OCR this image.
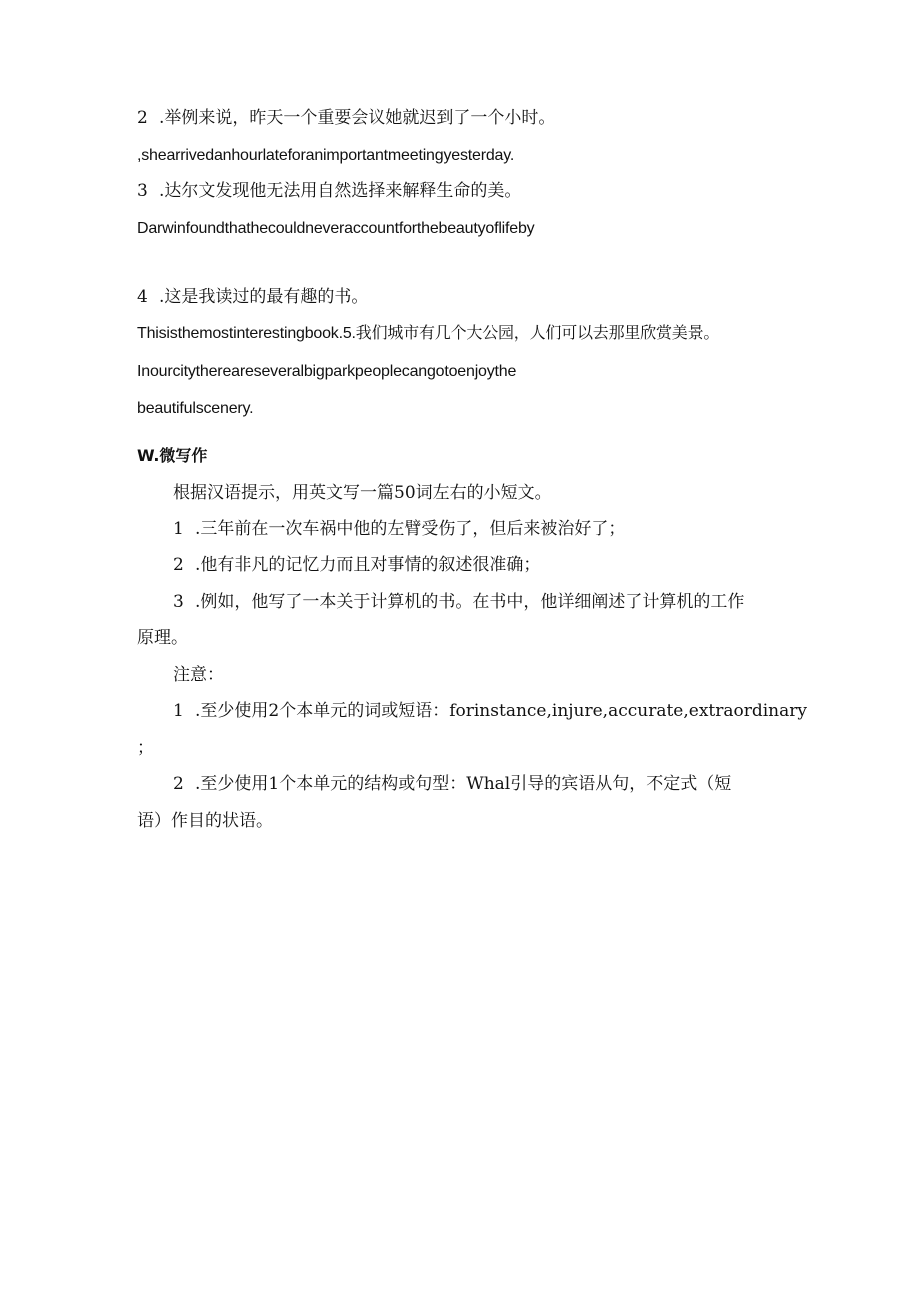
2 .举例来说，昨天一个重要会议她就迟到了一个小时。
,shearrivedanhourlateforanimportantmeetingyesterday.
3 .达尔文发现他无法用自然选择来解释生命的美。
Darwinfoundthathecouldneveraccountforthebeautyoflifeby
4 .这是我读过的最有趣的书。
Thisisthemostinterestingbook.5.我们城市有几个大公园，人们可以去那里欣赏美景。
Inourcitythereareseveralbigparkpeoplecangotoenjoythe
beautifulscenery.
W.微写作
根据汉语提示，用英文写一篇50词左右的小短文。
1 .三年前在一次车祸中他的左臂受伤了，但后来被治好了；
2 .他有非凡的记忆力而且对事情的叙述很准确；
3 .例如，他写了一本关于计算机的书。在书中，他详细阐述了计算机的工作
原理。
注意：
1 .至少使用2个本单元的词或短语：forinstance,injure,accurate,extraordinary
；
2 .至少使用1个本单元的结构或句型：Whal引导的宾语从句，不定式（短
语）作目的状语。
